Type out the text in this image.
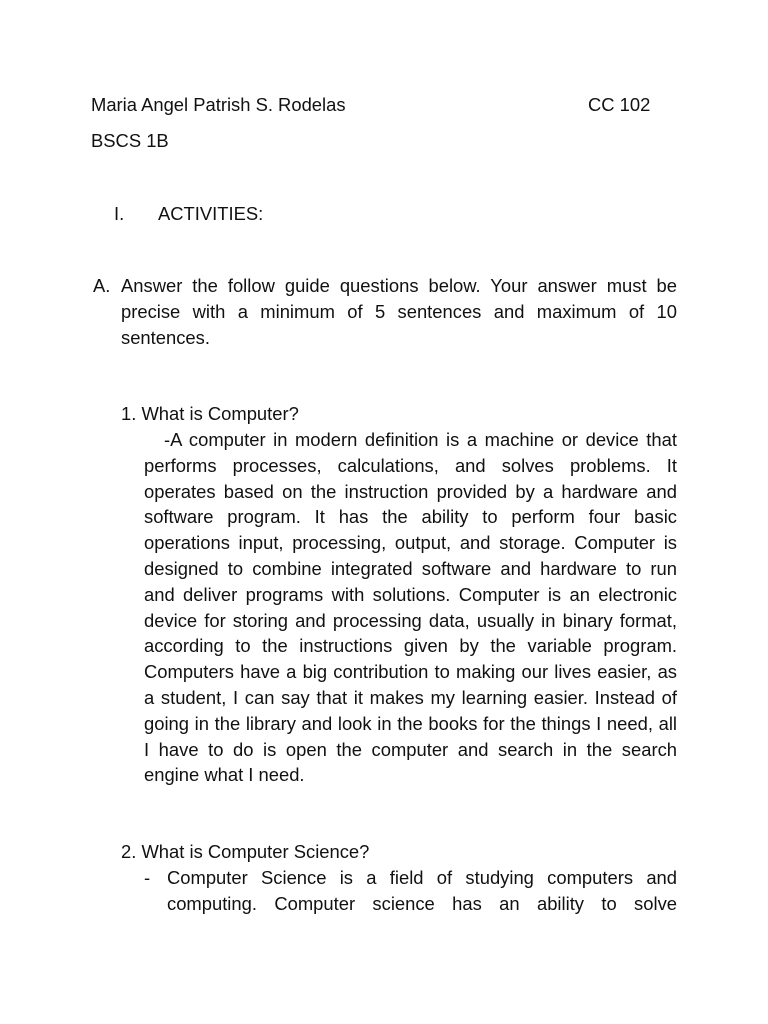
Maria Angel Patrish S. Rodelas	CC 102
BSCS 1B
I. ACTIVITIES:
A. Answer the follow guide questions below. Your answer must be precise with a minimum of 5 sentences and maximum of 10 sentences.
1. What is Computer?
-A computer in modern definition is a machine or device that performs processes, calculations, and solves problems. It operates based on the instruction provided by a hardware and software program. It has the ability to perform four basic operations input, processing, output, and storage. Computer is designed to combine integrated software and hardware to run and deliver programs with solutions. Computer is an electronic device for storing and processing data, usually in binary format, according to the instructions given by the variable program. Computers have a big contribution to making our lives easier, as a student, I can say that it makes my learning easier. Instead of going in the library and look in the books for the things I need, all I have to do is open the computer and search in the search engine what I need.
2. What is Computer Science?
- Computer Science is a field of studying computers and computing. Computer science has an ability to solve
